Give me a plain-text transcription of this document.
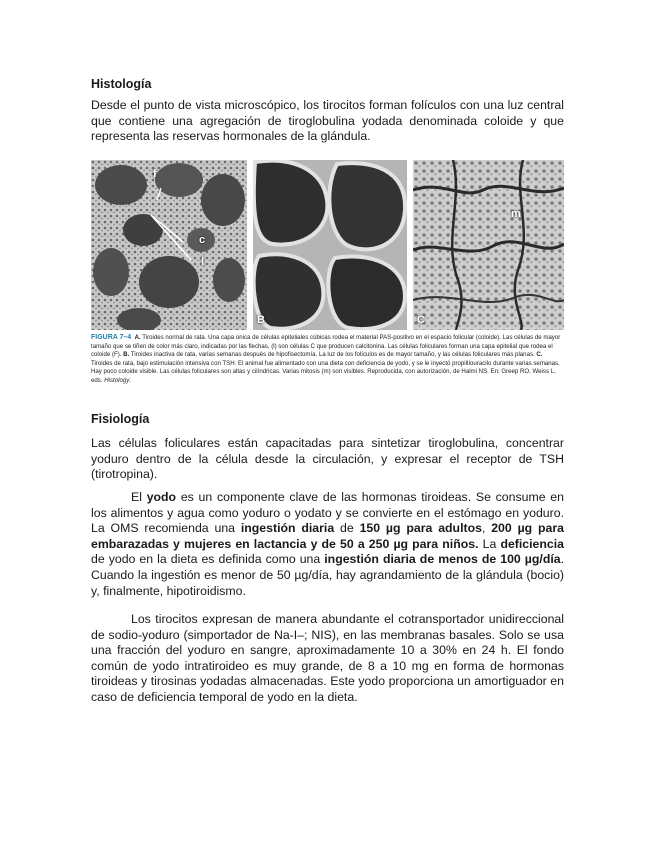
Histología

Desde el punto de vista microscópico, los tirocitos forman folículos con una luz central que contiene una agregación de tiroglobulina yodada denominada coloide y que representa las reservas hormonales de la glándula.

f
c
l
B
m
C

FIGURA 7–4 A. Tiroides normal de rata. Una capa única de células epiteliales cúbicas rodea el material PAS-positivo en el espacio folicular (coloide). Las células de mayor tamaño que se tiñen de color más claro, indicadas por las flechas, (l) son células C que producen calcitonina. Las células foliculares forman una capa epitelial que rodea el coloide (F). B. Tiroides inactiva de rata, varias semanas después de hipofisectomía. La luz de los folículos es de mayor tamaño, y las células foliculares más planas. C. Tiroides de rata, bajo estimulación intensiva con TSH. El animal fue alimentado con una dieta con deficiencia de yodo, y se le inyectó propiltiouracilo durante varias semanas. Hay poco coloide visible. Las células foliculares son altas y cilíndricas. Varias mitosis (m) son visibles. Reproducida, con autorización, de Halmi NS. En: Greep RO, Weiss L, eds. Histology.

Fisiología

Las células foliculares están capacitadas para sintetizar tiroglobulina, concentrar yoduro dentro de la célula desde la circulación, y expresar el receptor de TSH (tirotropina).

El yodo es un componente clave de las hormonas tiroideas. Se consume en los alimentos y agua como yoduro o yodato y se convierte en el estómago en yoduro. La OMS recomienda una ingestión diaria de 150 µg para adultos, 200 µg para embarazadas y mujeres en lactancia y de 50 a 250 µg para niños. La deficiencia de yodo en la dieta es definida como una ingestión diaria de menos de 100 µg/día. Cuando la ingestión es menor de 50 µg/día, hay agrandamiento de la glándula (bocio) y, finalmente, hipotiroidismo.

Los tirocitos expresan de manera abundante el cotransportador unidireccional de sodio-yoduro (simportador de Na-I–; NIS), en las membranas basales. Solo se usa una fracción del yoduro en sangre, aproximadamente 10 a 30% en 24 h. El fondo común de yodo intratiroideo es muy grande, de 8 a 10 mg en forma de hormonas tiroideas y tirosinas yodadas almacenadas. Este yodo proporciona un amortiguador en caso de deficiencia temporal de yodo en la dieta.
